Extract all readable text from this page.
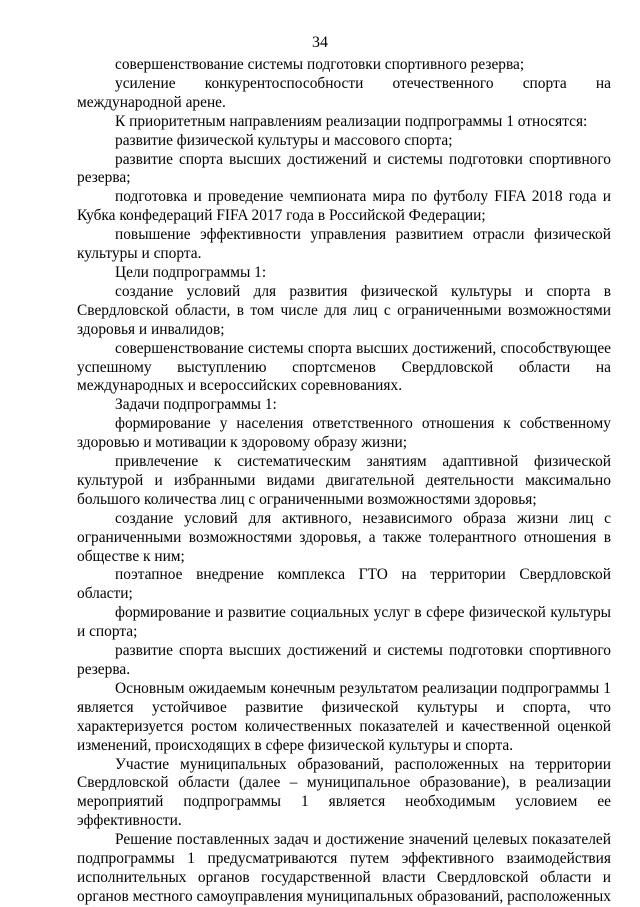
34

совершенствование системы подготовки спортивного резерва;

усиление конкурентоспособности отечественного спорта на международной арене.

К приоритетным направлениям реализации подпрограммы 1 относятся:

развитие физической культуры и массового спорта;

развитие спорта высших достижений и системы подготовки спортивного резерва;

подготовка и проведение чемпионата мира по футболу FIFA 2018 года и Кубка конфедераций FIFA 2017 года в Российской Федерации;

повышение эффективности управления развитием отрасли физической культуры и спорта.

Цели подпрограммы 1:

создание условий для развития физической культуры и спорта в Свердловской области, в том числе для лиц с ограниченными возможностями здоровья и инвалидов;

совершенствование системы спорта высших достижений, способствующее успешному выступлению спортсменов Свердловской области на международных и всероссийских соревнованиях.

Задачи подпрограммы 1:

формирование у населения ответственного отношения к собственному здоровью и мотивации к здоровому образу жизни;

привлечение к систематическим занятиям адаптивной физической культурой и избранными видами двигательной деятельности максимально большого количества лиц с ограниченными возможностями здоровья;

создание условий для активного, независимого образа жизни лиц с ограниченными возможностями здоровья, а также толерантного отношения в обществе к ним;

поэтапное внедрение комплекса ГТО на территории Свердловской области;

формирование и развитие социальных услуг в сфере физической культуры и спорта;

развитие спорта высших достижений и системы подготовки спортивного резерва.

Основным ожидаемым конечным результатом реализации подпрограммы 1 является устойчивое развитие физической культуры и спорта, что характеризуется ростом количественных показателей и качественной оценкой изменений, происходящих в сфере физической культуры и спорта.

Участие муниципальных образований, расположенных на территории Свердловской области (далее – муниципальное образование), в реализации мероприятий подпрограммы 1 является необходимым условием ее эффективности.

Решение поставленных задач и достижение значений целевых показателей подпрограммы 1 предусматриваются путем эффективного взаимодействия исполнительных органов государственной власти Свердловской области и органов местного самоуправления муниципальных образований, расположенных
